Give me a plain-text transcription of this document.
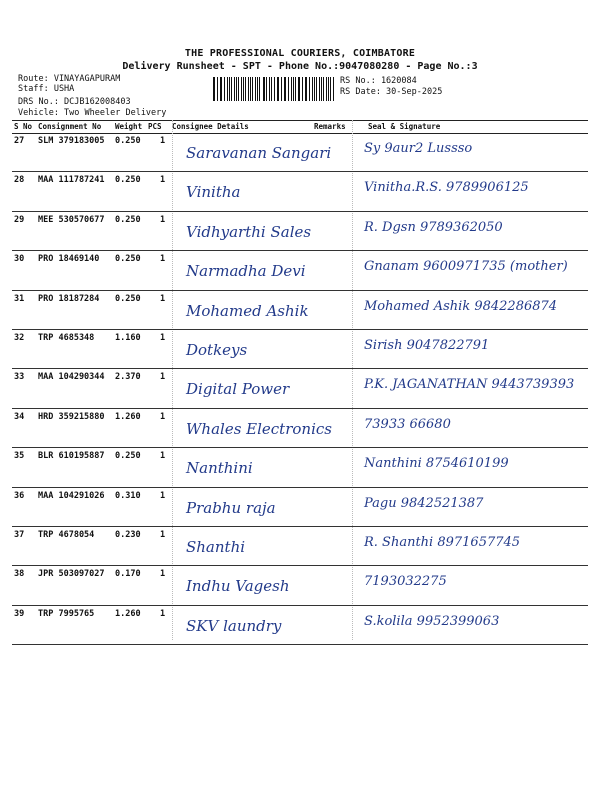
THE PROFESSIONAL COURIERS, COIMBATORE
Delivery Runsheet - SPT - Phone No.:9047080280 - Page No.:3
Route: VINAYAGAPURAM
Staff: USHA
DRS No.: DCJB162008403
Vehicle: Two Wheeler Delivery
RS No.: 1620084
RS Date: 30-Sep-2025
S No Consignment No Weight PCS Consignee Details	Remarks	Seal & Signature
27 SLM 379183005 0.250 1
Saravanan Sangari	Sy 9aur2 Lussso
28 MAA 111787241 0.250 1
Vinitha	Vinitha.R.S. 9789906125
29 MEE 530570677 0.250 1
Vidhyarthi Sales	R. Dgsn 9789362050
30 PRO 18469140 0.250 1
Narmadha Devi	Gnanam 9600971735 (mother)
31 PRO 18187284 0.250 1
Mohamed Ashik	Mohamed Ashik 9842286874
32 TRP 4685348 1.160 1
Dotkeys	Sirish 9047822791
33 MAA 104290344 2.370 1
Digital Power	P.K. JAGANATHAN 9443739393
34 HRD 359215880 1.260 1
Whales Electronics 73933 66680
35 BLR 610195887 0.250 1
Nanthini	Nanthini 8754610199
36 MAA 104291026 0.310 1
Prabhu raja	Pagu 9842521387
37 TRP 4678054 0.230 1
Shanthi	R. Shanthi 8971657745
38 JPR 503097027 0.170 1
Indhu Vagesh	7193032275
39 TRP 7995765 1.260 1
SKV laundry	S.kolila 9952399063
